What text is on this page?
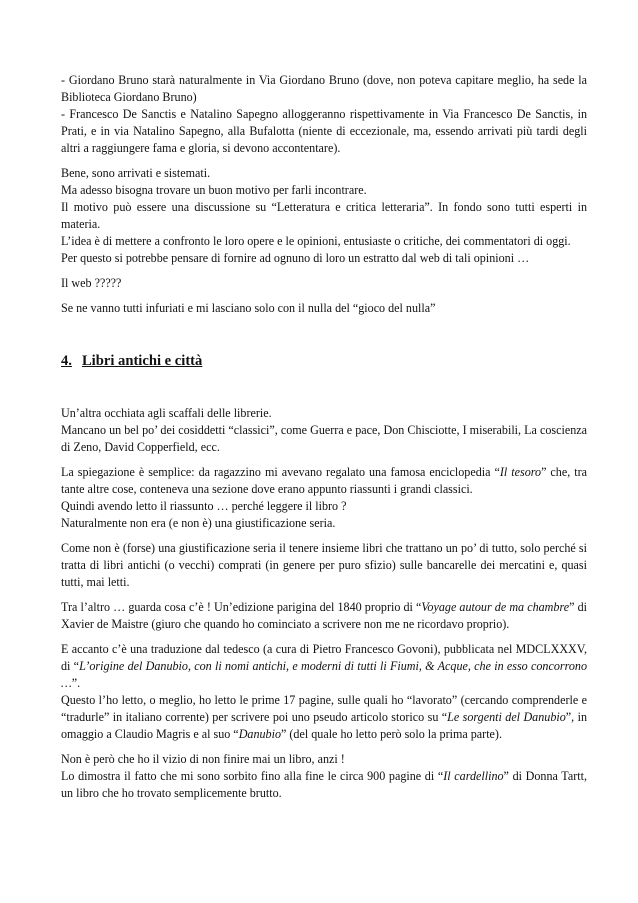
- Giordano Bruno starà naturalmente in Via Giordano Bruno (dove, non poteva capitare meglio, ha sede la Biblioteca Giordano Bruno)

- Francesco De Sanctis e Natalino Sapegno alloggeranno rispettivamente in Via Francesco De Sanctis, in Prati, e in via Natalino Sapegno, alla Bufalotta (niente di eccezionale, ma, essendo arrivati più tardi degli altri a raggiungere fama e gloria, si devono accontentare).

Bene, sono arrivati e sistemati.

Ma adesso bisogna trovare un buon motivo per farli incontrare.

Il motivo può essere una discussione su “Letteratura e critica letteraria”. In fondo sono tutti esperti in materia.

L’idea è di mettere a confronto le loro opere e le opinioni, entusiaste o critiche, dei commentatori di oggi.

Per questo si potrebbe pensare di fornire ad ognuno di loro un estratto dal web di tali opinioni …

Il web ?????

Se ne vanno tutti infuriati e mi lasciano solo con il nulla del “gioco del nulla”

4. Libri antichi e città

Un’altra occhiata agli scaffali delle librerie.

Mancano un bel po’ dei cosiddetti “classici”, come Guerra e pace, Don Chisciotte, I miserabili, La coscienza di Zeno, David Copperfield, ecc.

La spiegazione è semplice: da ragazzino mi avevano regalato una famosa enciclopedia “Il tesoro” che, tra tante altre cose, conteneva una sezione dove erano appunto riassunti i grandi classici.

Quindi avendo letto il riassunto … perché leggere il libro ?

Naturalmente non era (e non è) una giustificazione seria.

Come non è (forse) una giustificazione seria il tenere insieme libri che trattano un po’ di tutto, solo perché si tratta di libri antichi (o vecchi) comprati (in genere per puro sfizio) sulle bancarelle dei mercatini e, quasi tutti, mai letti.

Tra l’altro … guarda cosa c’è ! Un’edizione parigina del 1840 proprio di “Voyage autour de ma chambre” di Xavier de Maistre (giuro che quando ho cominciato a scrivere non me ne ricordavo proprio).

E accanto c’è una traduzione dal tedesco (a cura di Pietro Francesco Govoni), pubblicata nel MDCLXXXV, di “L’origine del Danubio, con li nomi antichi, e moderni di tutti li Fiumi, & Acque, che in esso concorrono …”.

Questo l’ho letto, o meglio, ho letto le prime 17 pagine, sulle quali ho “lavorato” (cercando comprenderle e “tradurle” in italiano corrente) per scrivere poi uno pseudo articolo storico su “Le sorgenti del Danubio”, in omaggio a Claudio Magris e al suo “Danubio” (del quale ho letto però solo la prima parte).

Non è però che ho il vizio di non finire mai un libro, anzi !

Lo dimostra il fatto che mi sono sorbito fino alla fine le circa 900 pagine di “Il cardellino” di Donna Tartt, un libro che ho trovato semplicemente brutto.
